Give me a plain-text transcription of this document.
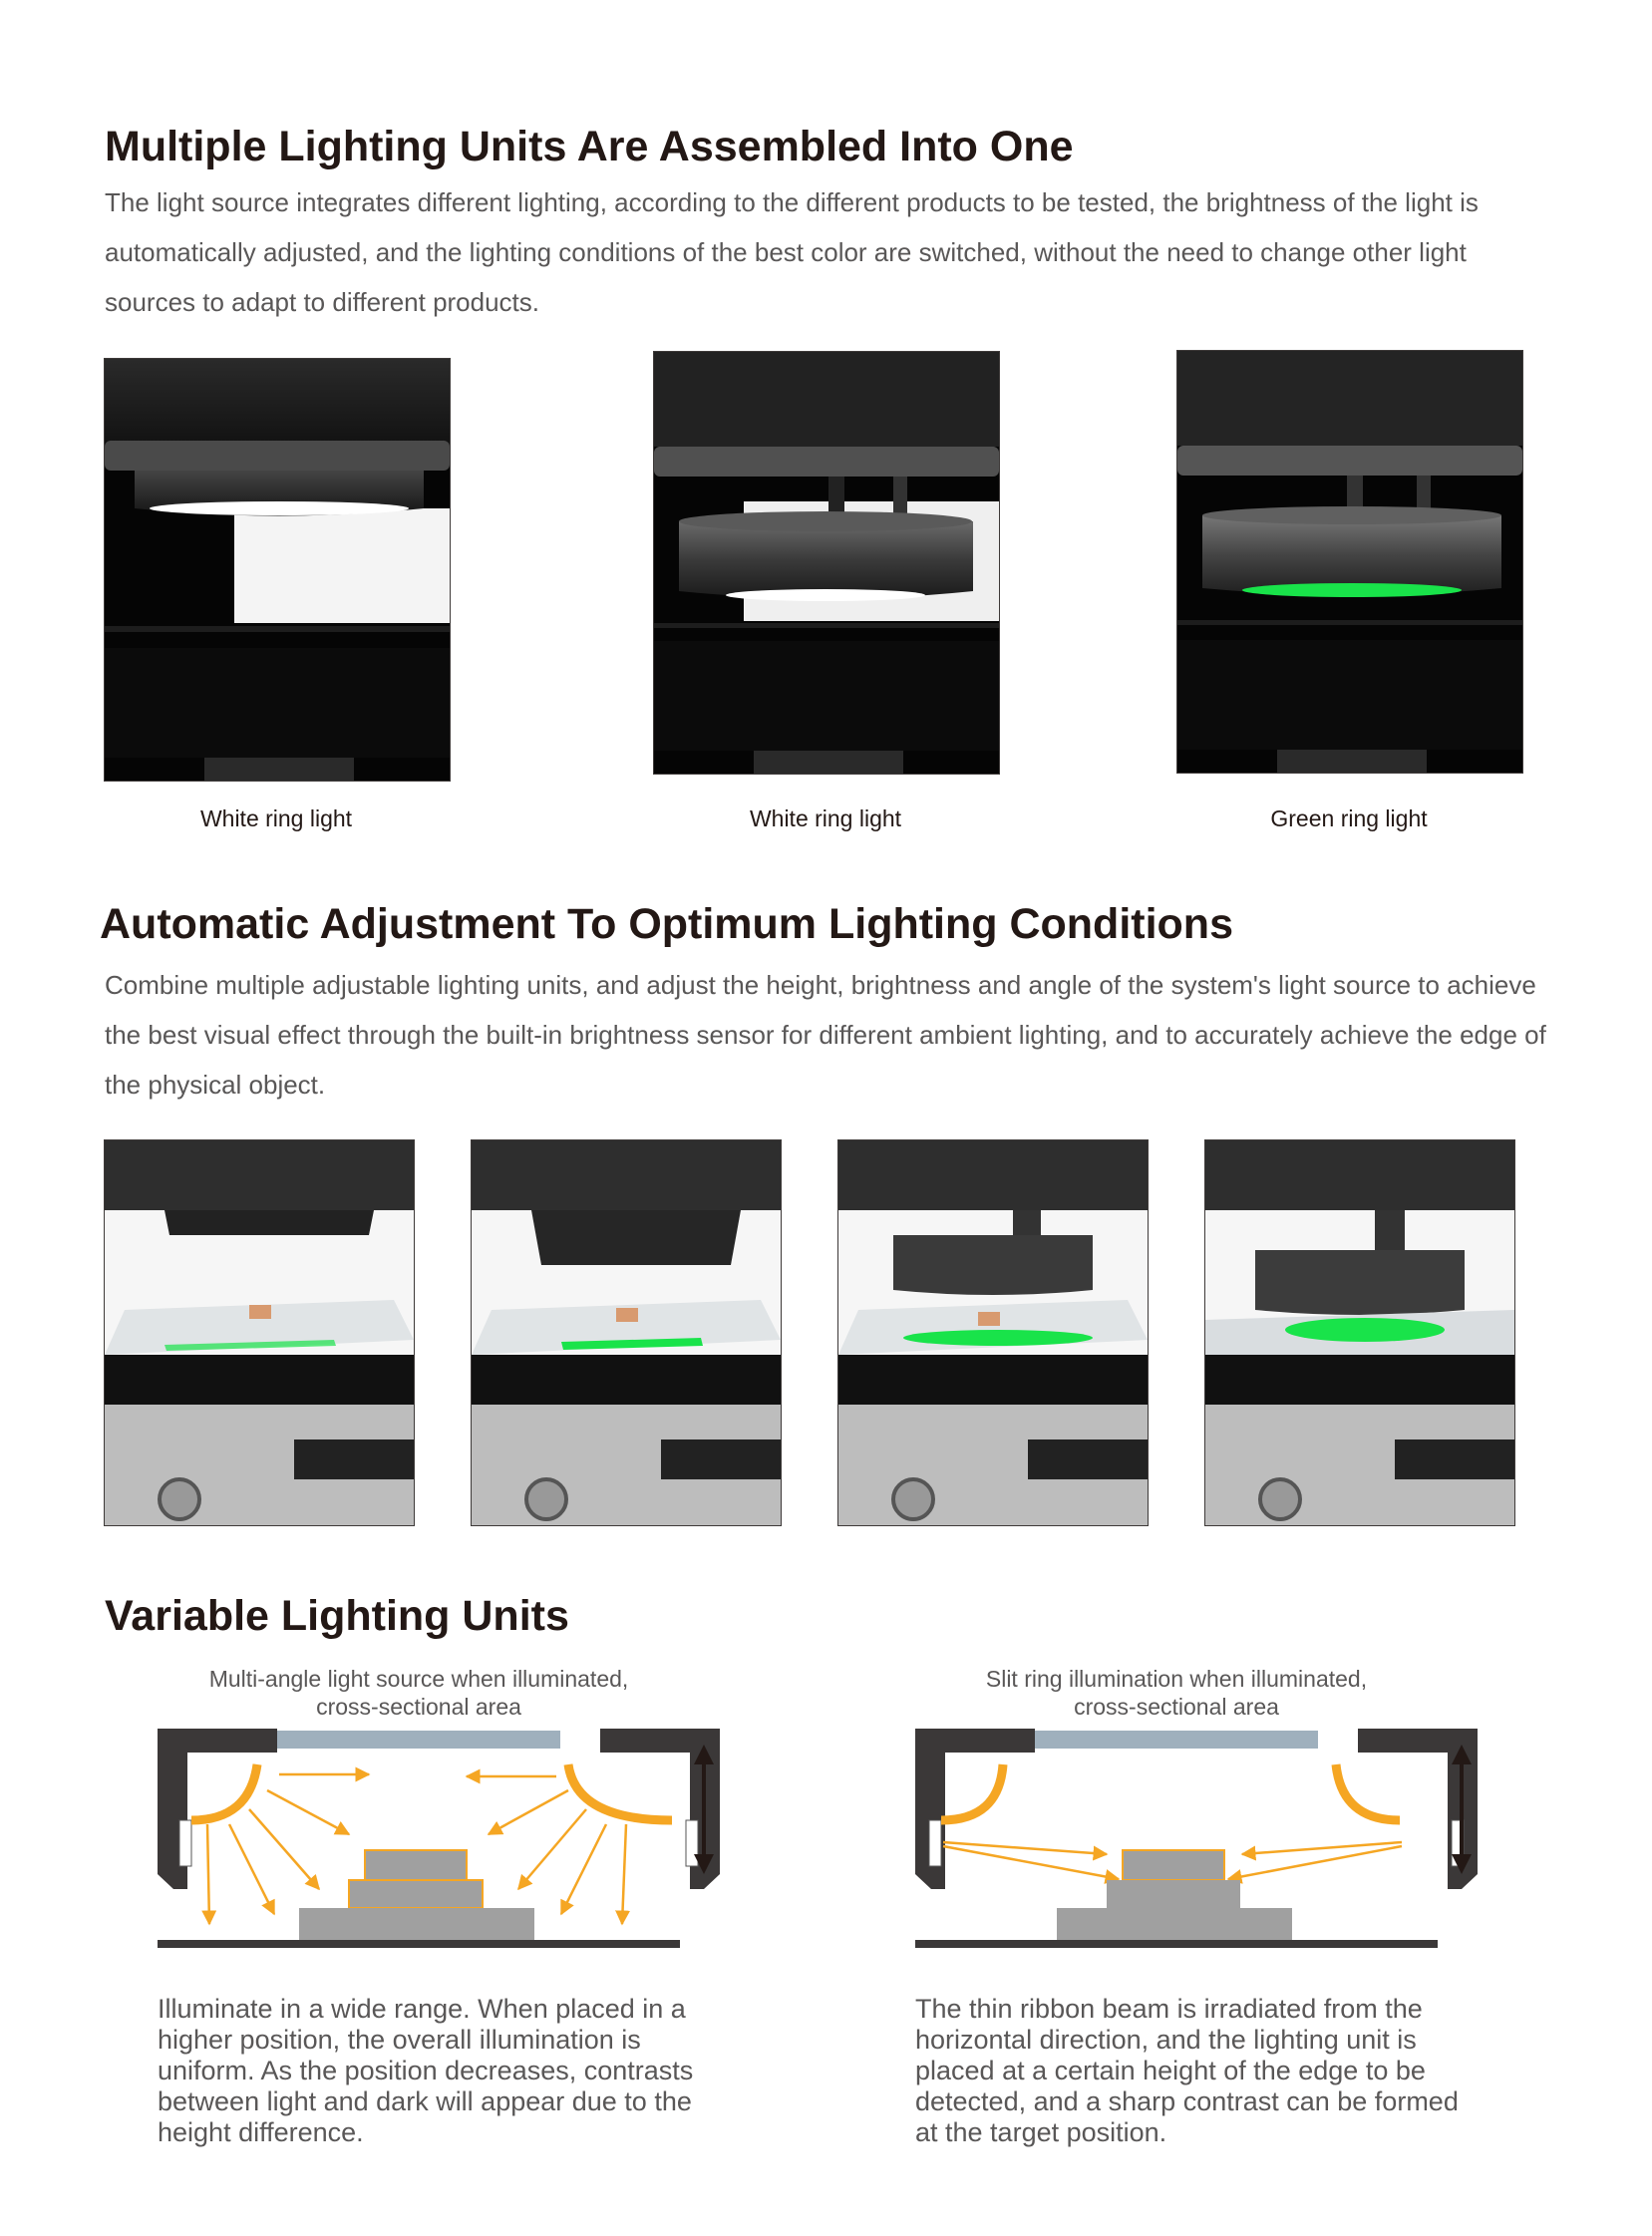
Multiple Lighting Units Are Assembled Into One
The light source integrates different lighting, according to the different products to be tested, the brightness of the light is automatically adjusted, and the lighting conditions of the best color are switched, without the need to change other light sources to adapt to different products.
White ring light	White ring light	Green ring light
Automatic Adjustment To Optimum Lighting Conditions
Combine multiple adjustable lighting units, and adjust the height, brightness and angle of the system's light source to achieve the best visual effect through the built-in brightness sensor for different ambient lighting, and to accurately achieve the edge of the physical object.
Variable Lighting Units
Multi-angle light source when illuminated,
cross-sectional area
Illuminate in a wide range. When placed in a higher position, the overall illumination is uniform. As the position decreases, contrasts between light and dark will appear due to the height difference.
Slit ring illumination when illuminated,
cross-sectional area
The thin ribbon beam is irradiated from the horizontal direction, and the lighting unit is placed at a certain height of the edge to be detected, and a sharp contrast can be formed at the target position.
